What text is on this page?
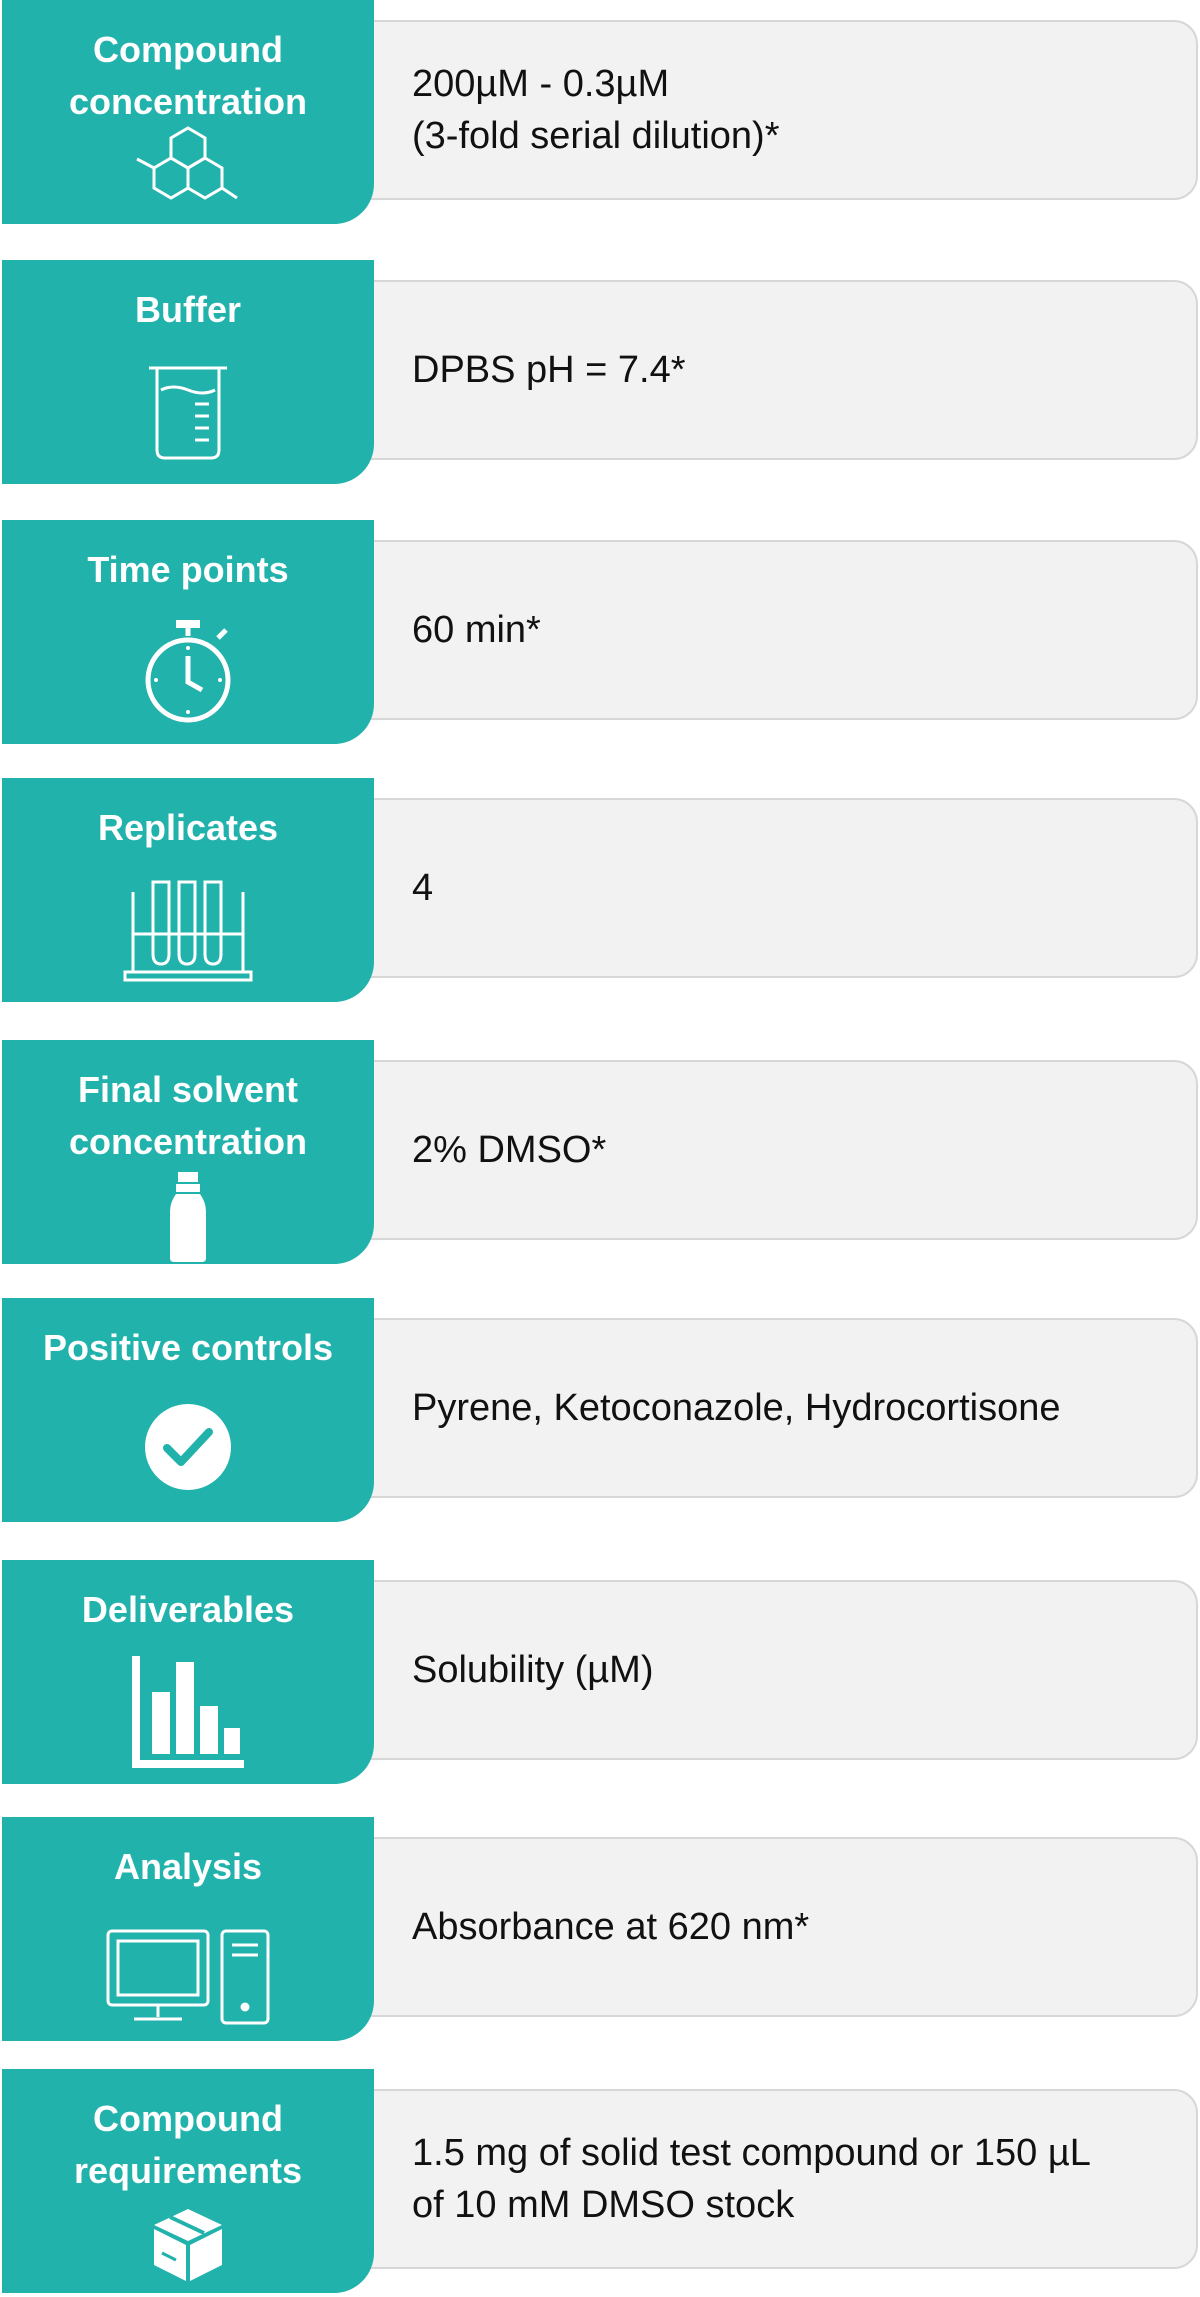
200µM - 0.3µM
(3-fold serial dilution)*
Compound
concentration
DPBS pH = 7.4*
Buffer
60 min*
Time points
4
Replicates
2% DMSO*
Final solvent
concentration
Pyrene, Ketoconazole, Hydrocortisone
Positive controls
Solubility (µM)
Deliverables
Absorbance at 620 nm*
Analysis
1.5 mg of solid test compound or 150 µL
of 10 mM DMSO stock
Compound
requirements
